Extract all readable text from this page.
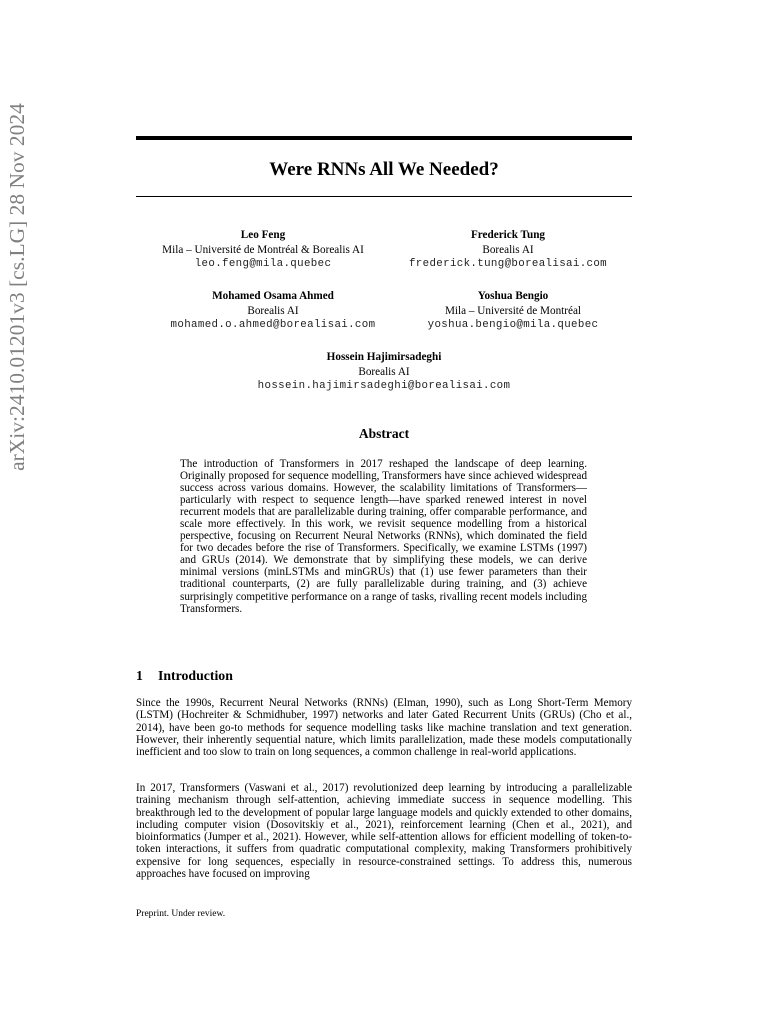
arXiv:2410.01201v3 [cs.LG] 28 Nov 2024	Were RNNs All We Needed?
Leo Feng
Mila – Université de Montréal & Borealis AI
leo.feng@mila.quebec
Frederick Tung
Borealis AI
frederick.tung@borealisai.com
Mohamed Osama Ahmed
Borealis AI
mohamed.o.ahmed@borealisai.com
Yoshua Bengio
Mila – Université de Montréal
yoshua.bengio@mila.quebec
Hossein Hajimirsadeghi
Borealis AI
hossein.hajimirsadeghi@borealisai.com
Abstract
The introduction of Transformers in 2017 reshaped the landscape of deep learning. Originally proposed for sequence modelling, Transformers have since achieved widespread success across various domains. However, the scalability limitations of Transformers—particularly with respect to sequence length—have sparked renewed interest in novel recurrent models that are parallelizable during training, offer comparable performance, and scale more effectively. In this work, we revisit sequence modelling from a historical perspective, focusing on Recurrent Neural Networks (RNNs), which dominated the field for two decades before the rise of Transformers. Specifically, we examine LSTMs (1997) and GRUs (2014). We demonstrate that by simplifying these models, we can derive minimal versions (minLSTMs and minGRUs) that (1) use fewer parameters than their traditional counterparts, (2) are fully parallelizable during training, and (3) achieve surprisingly competitive performance on a range of tasks, rivalling recent models including Transformers.
1 Introduction

Since the 1990s, Recurrent Neural Networks (RNNs) (Elman, 1990), such as Long Short-Term Memory (LSTM) (Hochreiter & Schmidhuber, 1997) networks and later Gated Recurrent Units (GRUs) (Cho et al., 2014), have been go-to methods for sequence modelling tasks like machine translation and text generation. However, their inherently sequential nature, which limits parallelization, made these models computationally inefficient and too slow to train on long sequences, a common challenge in real-world applications.

In 2017, Transformers (Vaswani et al., 2017) revolutionized deep learning by introducing a parallelizable training mechanism through self-attention, achieving immediate success in sequence modelling. This breakthrough led to the development of popular large language models and quickly extended to other domains, including computer vision (Dosovitskiy et al., 2021), reinforcement learning (Chen et al., 2021), and bioinformatics (Jumper et al., 2021). However, while self-attention allows for efficient modelling of token-to-token interactions, it suffers from quadratic computational complexity, making Transformers prohibitively expensive for long sequences, especially in resource-constrained settings. To address this, numerous approaches have focused on improving

Preprint. Under review.
